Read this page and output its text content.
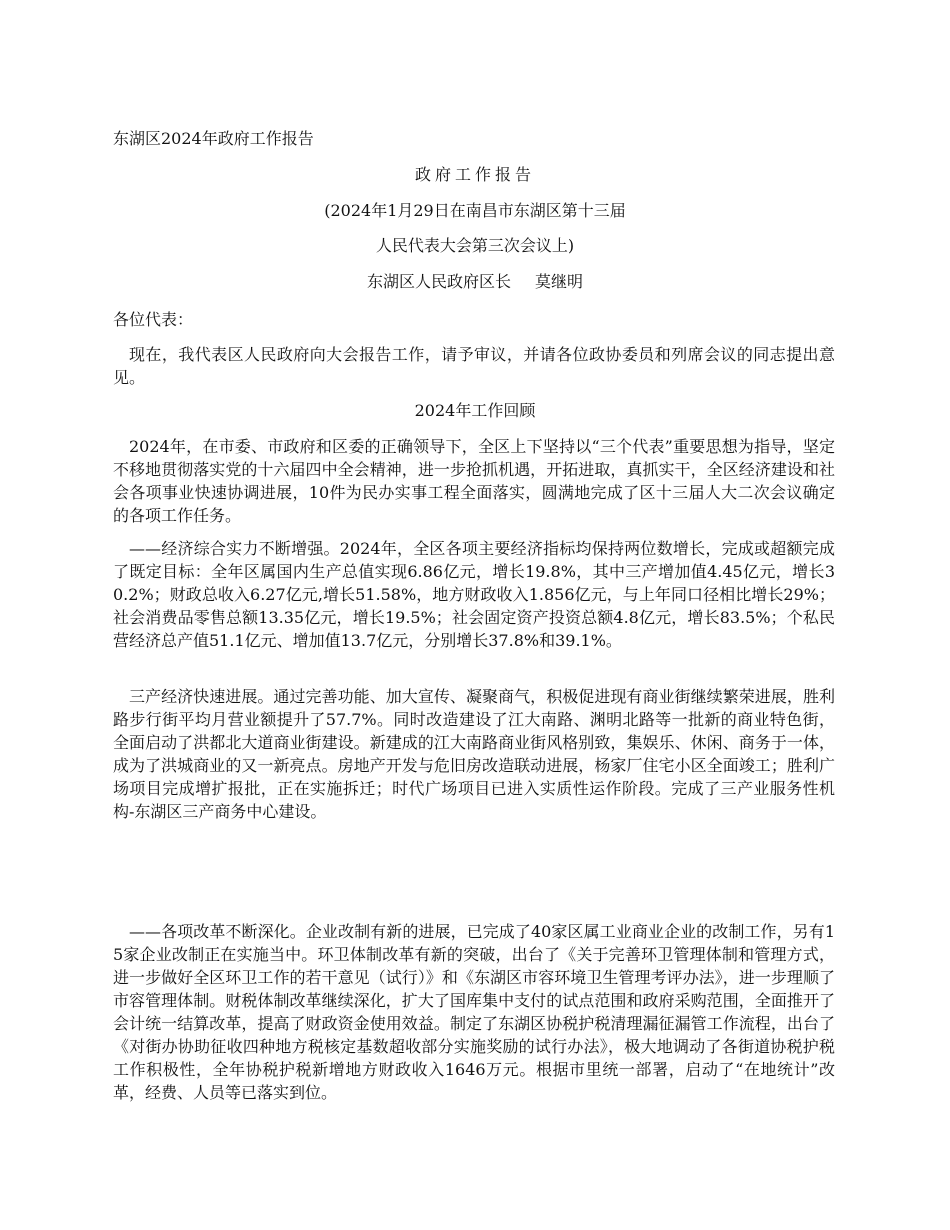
东湖区2024年政府工作报告

政府工作报告

(2024年1月29日在南昌市东湖区第十三届

人民代表大会第三次会议上)

东湖区人民政府区长 莫继明

各位代表：

现在，我代表区人民政府向大会报告工作，请予审议，并请各位政协委员和列席会议的同志提出意见。

2024年工作回顾

2024年，在市委、市政府和区委的正确领导下，全区上下坚持以“三个代表”重要思想为指导，坚定不移地贯彻落实党的十六届四中全会精神，进一步抢抓机遇，开拓进取，真抓实干，全区经济建设和社会各项事业快速协调进展，10件为民办实事工程全面落实，圆满地完成了区十三届人大二次会议确定的各项工作任务。

——经济综合实力不断增强。2024年，全区各项主要经济指标均保持两位数增长，完成或超额完成了既定目标：全年区属国内生产总值实现6.86亿元，增长19.8%，其中三产增加值4.45亿元，增长30.2%；财政总收入6.27亿元,增长51.58%，地方财政收入1.856亿元，与上年同口径相比增长29%；社会消费品零售总额13.35亿元，增长19.5%；社会固定资产投资总额4.8亿元，增长83.5%；个私民营经济总产值51.1亿元、增加值13.7亿元，分别增长37.8%和39.1%。

三产经济快速进展。通过完善功能、加大宣传、凝聚商气，积极促进现有商业街继续繁荣进展，胜利路步行街平均月营业额提升了57.7%。同时改造建设了江大南路、渊明北路等一批新的商业特色街，全面启动了洪都北大道商业街建设。新建成的江大南路商业街风格别致，集娱乐、休闲、商务于一体，成为了洪城商业的又一新亮点。房地产开发与危旧房改造联动进展，杨家厂住宅小区全面竣工；胜利广场项目完成增扩报批，正在实施拆迁；时代广场项目已进入实质性运作阶段。完成了三产业服务性机构-东湖区三产商务中心建设。

——各项改革不断深化。企业改制有新的进展，已完成了40家区属工业商业企业的改制工作，另有15家企业改制正在实施当中。环卫体制改革有新的突破，出台了《关于完善环卫管理体制和管理方式，进一步做好全区环卫工作的若干意见（试行）》和《东湖区市容环境卫生管理考评办法》，进一步理顺了市容管理体制。财税体制改革继续深化，扩大了国库集中支付的试点范围和政府采购范围，全面推开了会计统一结算改革，提高了财政资金使用效益。制定了东湖区协税护税清理漏征漏管工作流程，出台了《对街办协助征收四种地方税核定基数超收部分实施奖励的试行办法》，极大地调动了各街道协税护税工作积极性，全年协税护税新增地方财政收入1646万元。根据市里统一部署，启动了“在地统计”改革，经费、人员等已落实到位。
